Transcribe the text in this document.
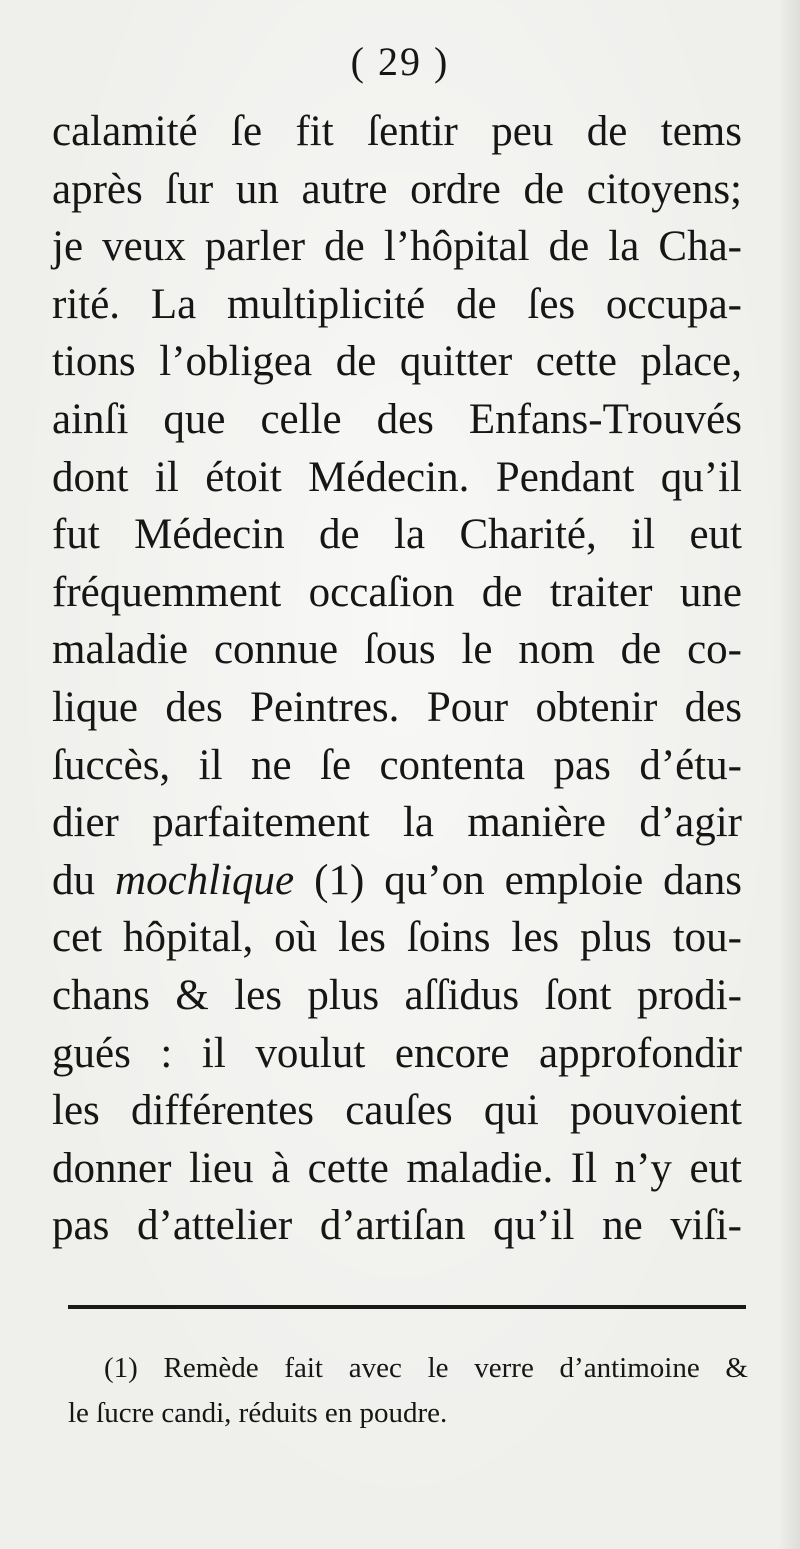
( 29 )
calamité ſe fit ſentir peu de tems
après ſur un autre ordre de citoyens;
je veux parler de l’hôpital de la Cha-
rité. La multiplicité de ſes occupa-
tions l’obligea de quitter cette place,
ainſi que celle des Enfans-Trouvés
dont il étoit Médecin. Pendant qu’il
fut Médecin de la Charité, il eut
fréquemment occaſion de traiter une
maladie connue ſous le nom de co-
lique des Peintres. Pour obtenir des
ſuccès, il ne ſe contenta pas d’étu-
dier parfaitement la manière d’agir
du mochlique (1) qu’on emploie dans
cet hôpital, où les ſoins les plus tou-
chans & les plus aſſidus ſont prodi-
gués : il voulut encore approfondir
les différentes cauſes qui pouvoient
donner lieu à cette maladie. Il n’y eut
pas d’attelier d’artiſan qu’il ne viſi-
(1) Remède fait avec le verre d’antimoine &
le ſucre candi, réduits en poudre.
